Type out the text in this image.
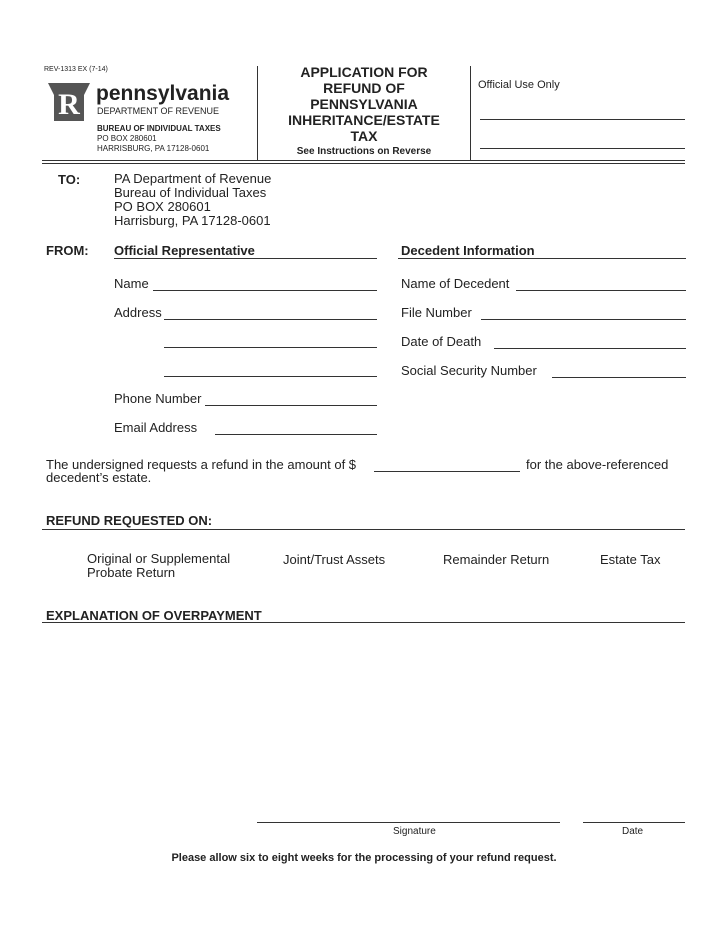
REV-1313 EX (7-14)
R pennsylvania
DEPARTMENT OF REVENUE
BUREAU OF INDIVIDUAL TAXES
PO BOX 280601
HARRISBURG, PA 17128-0601
APPLICATION FOR
REFUND OF
PENNSYLVANIA
INHERITANCE/ESTATE
TAX
See Instructions on Reverse
Official Use Only
TO:	PA Department of Revenue
Bureau of Individual Taxes
PO BOX 280601
Harrisburg, PA 17128-0601
FROM: Official Representative
Name
Address
Phone Number
Email Address
Decedent Information
Name of Decedent
File Number
Date of Death
Social Security Number
The undersigned requests a refund in the amount of $	for the above-referenced
decedent’s estate.
REFUND REQUESTED ON:
Original or Supplemental
Probate Return
Joint/Trust Assets	Remainder Return	Estate Tax
EXPLANATION OF OVERPAYMENT
Signature	Date
Please allow six to eight weeks for the processing of your refund request.
